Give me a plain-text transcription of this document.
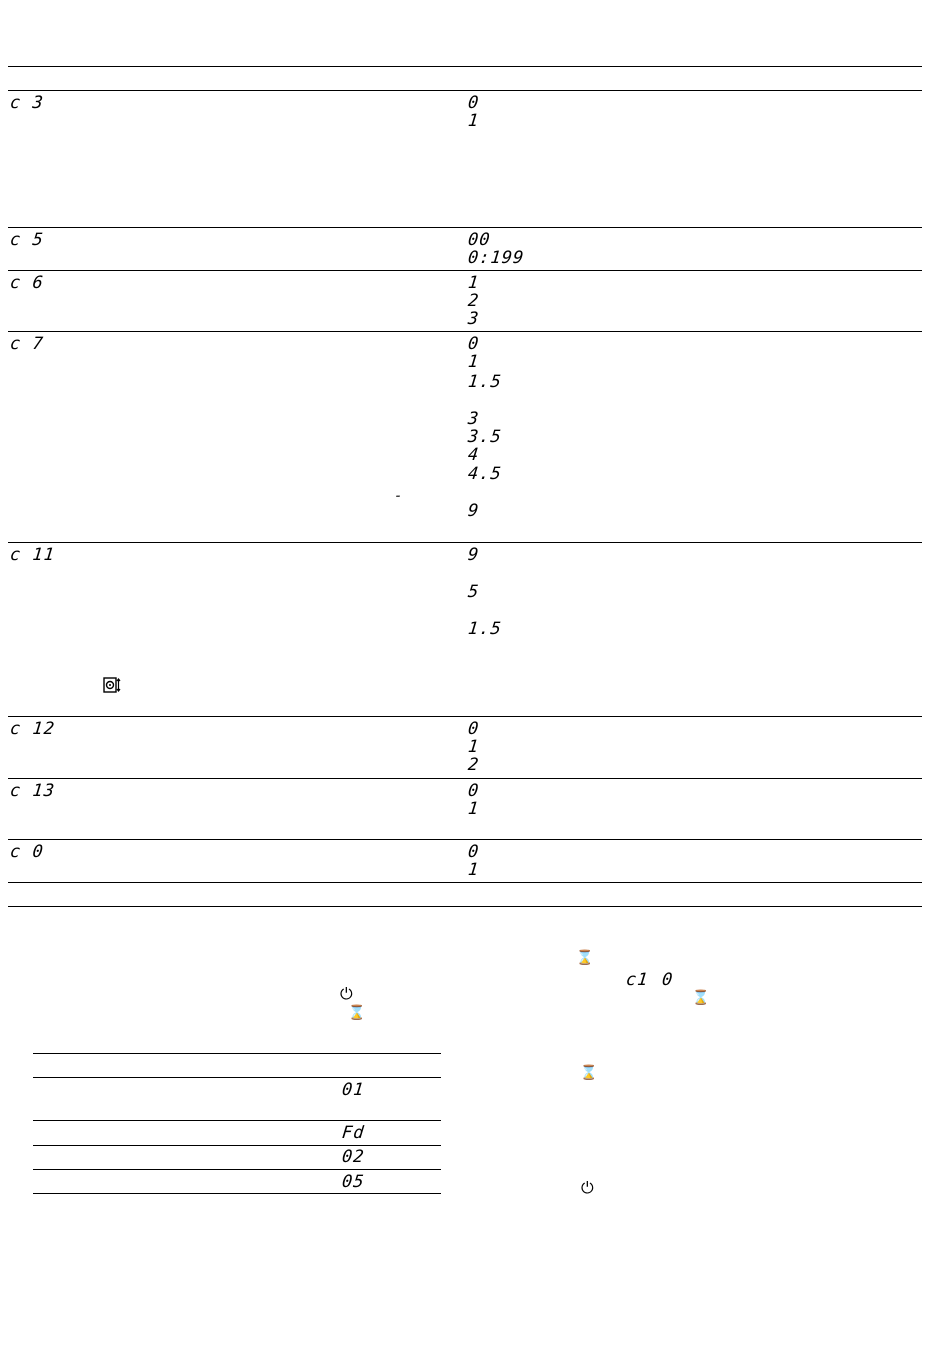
c 3	0
1
c 5	00
0:199
c 6	1
2
3
c 7	0
1
1.5
3
3.5
4
4.5
9
-
c 11	9
5
1.5
c 12	0
1
2
c 13	0
1
c 0	0
1
⏻
⌛
01
Fd
02
05
⌛
c1 0
⌛
⌛
⏻
